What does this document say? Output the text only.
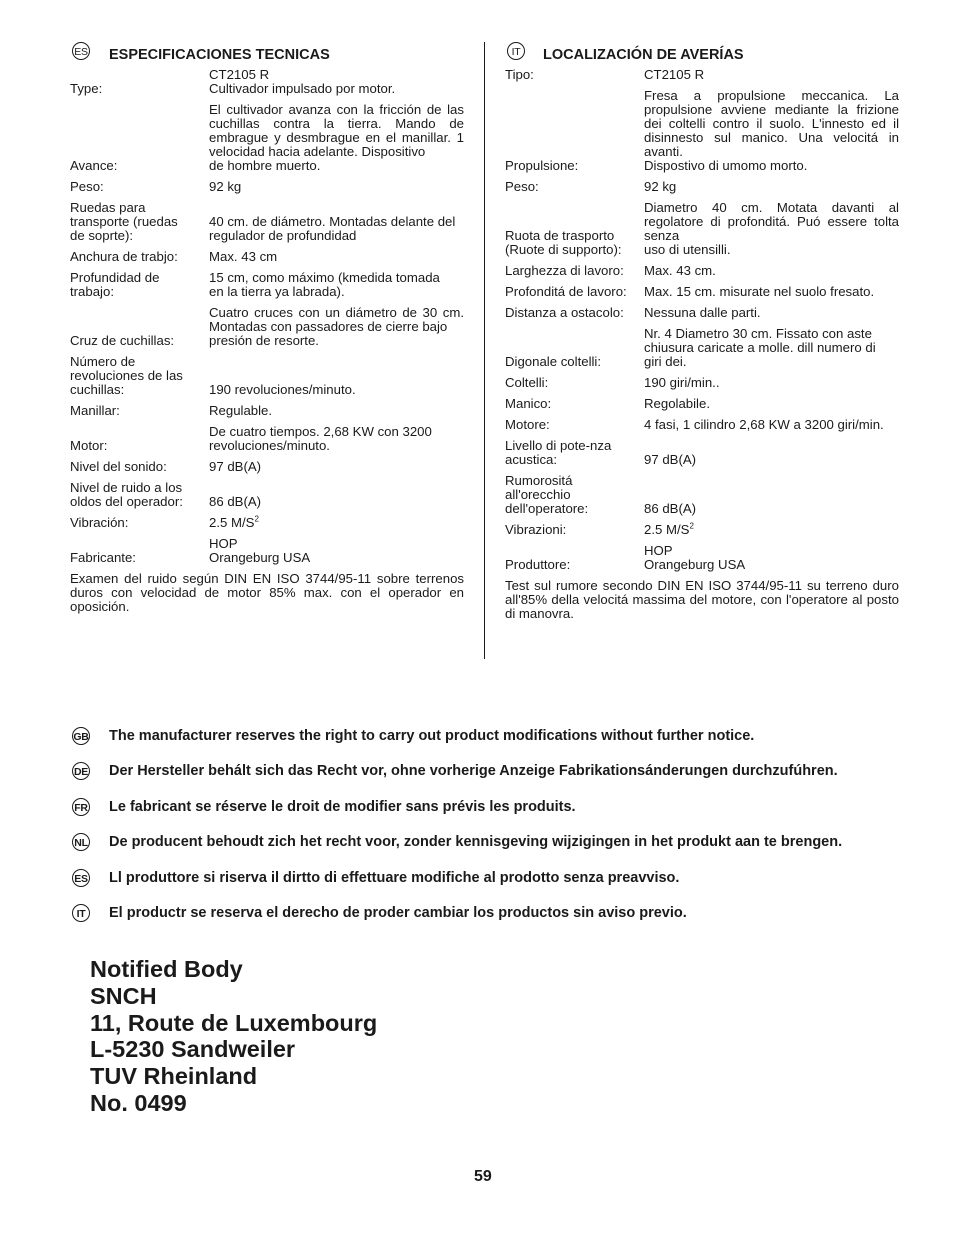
ES ESPECIFICACIONES TECNICAS
Type:	CT2105 R
Cultivador impulsado por motor.

Avance:	El cultivador avanza con la fricción de las cuchillas contra la tierra. Mando de embrague y desmbrague en el manillar. 1 velocidad hacia adelante. Dispositivo
de hombre muerto.

Peso:	92 kg

Ruedas para
transporte (ruedas
de soprte):	40 cm. de diámetro. Montadas delante del
regulador de profundidad

Anchura de trabjo:	Max. 43 cm

Profundidad de
trabajo:	15 cm, como máximo (kmedida tomada
en la tierra ya labrada).

Cruz de cuchillas:	Cuatro cruces con un diámetro de 30 cm. Montadas con passadores de cierre bajo
presión de resorte.

Número de
revoluciones de las
cuchillas:	190 revoluciones/minuto.

Manillar:	Regulable.

Motor:	De cuatro tiempos. 2,68 KW con 3200
revoluciones/minuto.

Nivel del sonido:	97 dB(A)

Nivel de ruido a los
oldos del operador:	86 dB(A)

Vibración:	2.5 $M/S^2$

Fabricante:	HOP
Orangeburg USA
Examen del ruido según DIN EN ISO 3744/95-11 sobre terrenos duros con velocidad de motor 85% max. con el operador en oposición.
IT	LOCALIZACIÓN DE AVERÍAS
Tipo:	CT2105 R

Propulsione:	Fresa a propulsione meccanica. La propulsione avviene mediante la frizione dei coltelli contro il suolo. L'innesto ed il disinnesto sul manico. Una velocitá in avanti.
Dispostivo di umomo morto.

Peso:	92 kg

Ruota de trasporto
(Ruote di supporto):	Diametro 40 cm. Motata davanti al regolatore di profonditá. Puó essere tolta senza
uso di utensilli.

Larghezza di lavoro:	Max. 43 cm.

Profonditá de lavoro:	Max. 15 cm. misurate nel suolo fresato.

Distanza a ostacolo:	Nessuna dalle parti.

Digonale coltelli:	Nr. 4 Diametro 30 cm. Fissato con aste
chiusura caricate a molle. dill numero di
giri dei.

Coltelli:	190 giri/min..

Manico:	Regolabile.

Motore:	4 fasi, 1 cilindro 2,68 KW a 3200 giri/min.

Livello di pote-nza
acustica:	97 dB(A)

Rumorositá
all'orecchio
dell'operatore:	86 dB(A)

Vibrazioni:	2.5 $M/S^2$

Produttore:	HOP
Orangeburg USA
Test sul rumore secondo DIN EN ISO 3744/95-11 su terreno duro all'85% della velocitá massima del motore, con l'operatore al posto di manovra.
GB The manufacturer reserves the right to carry out product modifications without further notice.
DE Der Hersteller behált sich das Recht vor, ohne vorherige Anzeige Fabrikationsánderungen durchzufúhren.
FR Le fabricant se réserve le droit de modifier sans prévis les produits.
NL De producent behoudt zich het recht voor, zonder kennisgeving wijzigingen in het produkt aan te brengen.
ES Ll produttore si riserva il dirtto di effettuare modifiche al prodotto senza preavviso.
IT	El productr se reserva el derecho de proder cambiar los productos sin aviso previo.
Notified Body
SNCH
11, Route de Luxembourg
L-5230 Sandweiler
TUV Rheinland
No. 0499
59
